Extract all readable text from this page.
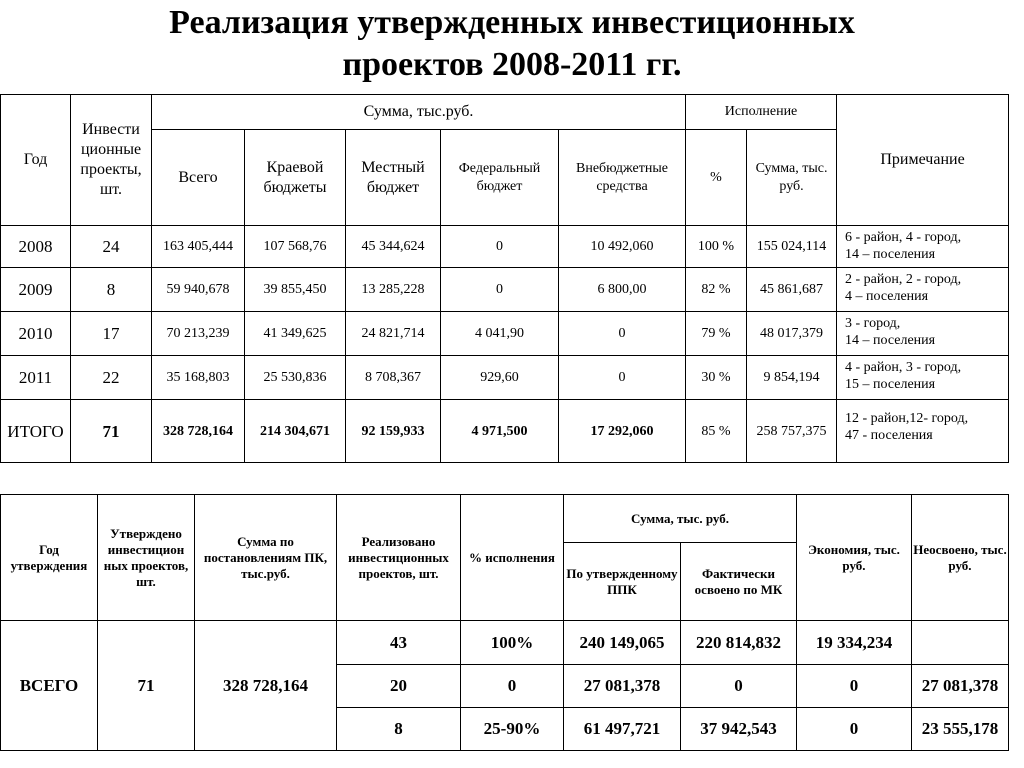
Реализация утвержденных инвестиционных
проектов 2008-2011 гг.
Год	Инвести ционные проекты, шт.	Сумма, тыс.руб.					Исполнение		Примечание
		Всего	Краевой бюджеты	Местный бюджет	Федеральный бюджет	Внебюджетные средства	%	Сумма, тыс. руб.	
2008	24	163 405,444	107 568,76	45 344,624	0	10 492,060	100 %	155 024,114	6 - район, 4 - город,
14 – поселения

2009	8	59 940,678	39 855,450	13 285,228	0	6 800,00	82 %	45 861,687	2 - район, 2 - город,
4 – поселения

2010	17	70 213,239	41 349,625	24 821,714	4 041,90	0	79 %	48 017,379	3 - город,
14 – поселения

2011	22	35 168,803	25 530,836	8 708,367	929,60	0	30 %	9 854,194	4 - район, 3 - город,
15 – поселения

ИТОГО	71	328 728,164	214 304,671	92 159,933	4 971,500	17 292,060	85 %	258 757,375	12 - район,12- город,
47 - поселения
Год утверждения	Утверждено инвестицион ных проектов, шт.	Сумма по постановлениям ПК, тыс.руб.	Реализовано инвестиционных проектов, шт.	% исполнения	Сумма, тыс. руб.		Экономия, тыс. руб.	Неосвоено, тыс. руб.
					По утвержденному ППК	Фактически освоено по МК		
ВСЕГО	71	328 728,164	43	100%	240 149,065	220 814,832	19 334,234	
			20	0	27 081,378	0	0	27 081,378
			8	25-90%	61 497,721	37 942,543	0	23 555,178
